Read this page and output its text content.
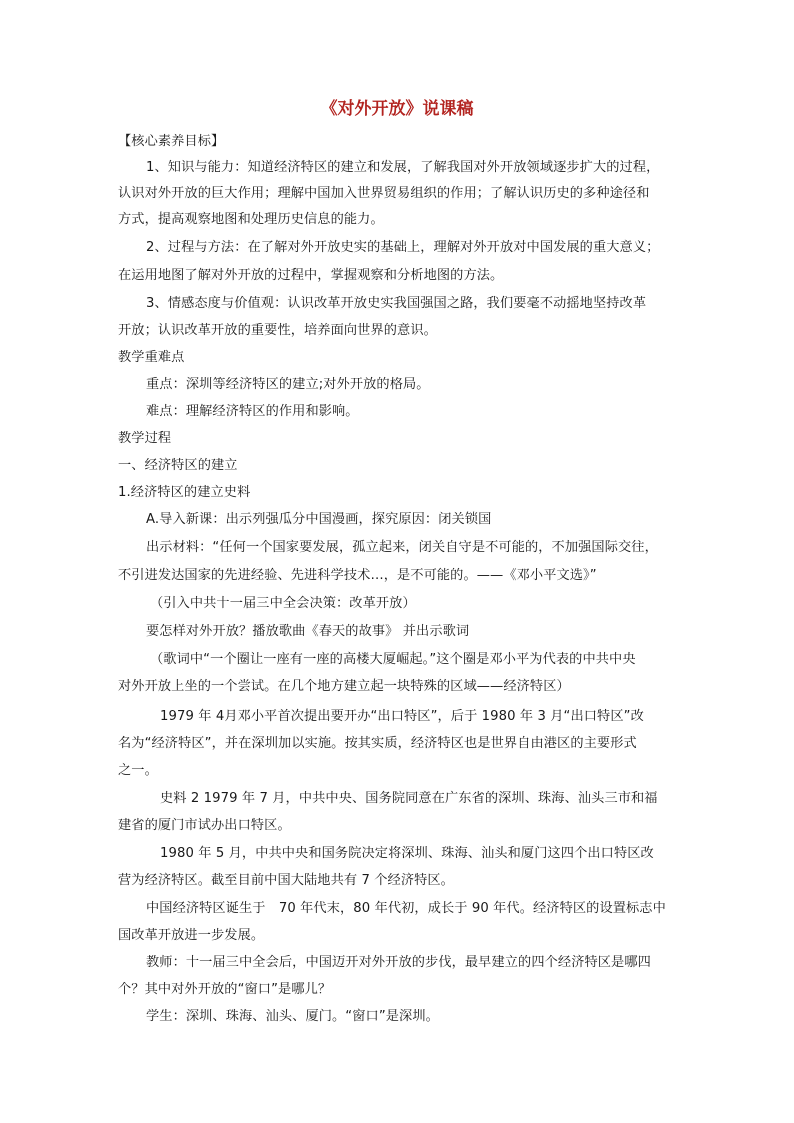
《对外开放》说课稿
【核心素养目标】
1、知识与能力：知道经济特区的建立和发展，了解我国对外开放领域逐步扩大的过程，
认识对外开放的巨大作用；理解中国加入世界贸易组织的作用；了解认识历史的多种途径和
方式，提高观察地图和处理历史信息的能力。
2、过程与方法：在了解对外开放史实的基础上，理解对外开放对中国发展的重大意义；
在运用地图了解对外开放的过程中，掌握观察和分析地图的方法。
3、情感态度与价值观：认识改革开放史实我国强国之路，我们要毫不动摇地坚持改革
开放；认识改革开放的重要性，培养面向世界的意识。
教学重难点
重点：深圳等经济特区的建立;对外开放的格局。
难点：理解经济特区的作用和影响。
教学过程
一、经济特区的建立
1.经济特区的建立史料
A.导入新课：出示列强瓜分中国漫画，探究原因：闭关锁国
出示材料：“任何一个国家要发展，孤立起来，闭关自守是不可能的，不加强国际交往，
不引进发达国家的先进经验、先进科学技术…，是不可能的。——《邓小平文选》”
（引入中共十一届三中全会决策：改革开放）
要怎样对外开放？播放歌曲《春天的故事》 并出示歌词
（歌词中“一个圈让一座有一座的高楼大厦崛起。”这个圈是邓小平为代表的中共中央
对外开放上坐的一个尝试。在几个地方建立起一块特殊的区域——经济特区）
1979 年 4月邓小平首次提出要开办“出口特区”，后于 1980 年 3 月“出口特区”改
名为“经济特区”，并在深圳加以实施。按其实质，经济特区也是世界自由港区的主要形式
之一。
史料 2 1979 年 7 月，中共中央、国务院同意在广东省的深圳、珠海、汕头三市和福
建省的厦门市试办出口特区。
1980 年 5 月，中共中央和国务院决定将深圳、珠海、汕头和厦门这四个出口特区改
营为经济特区。截至目前中国大陆地共有 7 个经济特区。
中国经济特区诞生于　70 年代末，80 年代初，成长于 90 年代。经济特区的设置标志中
国改革开放进一步发展。
教师：十一届三中全会后，中国迈开对外开放的步伐，最早建立的四个经济特区是哪四
个？其中对外开放的“窗口”是哪儿？
学生：深圳、珠海、汕头、厦门。“窗口”是深圳。
